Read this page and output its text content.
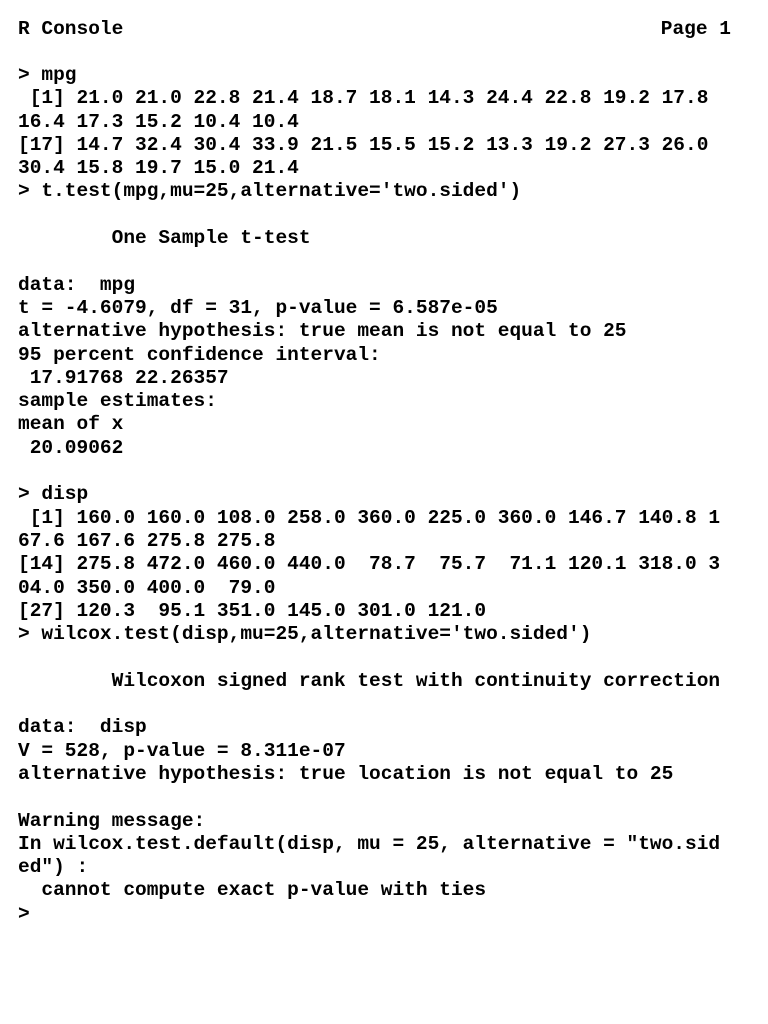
R Console

	Page 1

> mpg
[1] 21.0 21.0 22.8 21.4 18.7 18.1 14.3 24.4 22.8 19.2 17.8
16.4 17.3 15.2 10.4 10.4
[17] 14.7 32.4 30.4 33.9 21.5 15.5 15.2 13.3 19.2 27.3 26.0
30.4 15.8 19.7 15.0 21.4
> t.test(mpg,mu=25,alternative='two.sided')
One Sample t-test
data:  mpg
t = -4.6079, df = 31, p-value = 6.587e-05
alternative hypothesis: true mean is not equal to 25
95 percent confidence interval:
17.91768 22.26357
sample estimates:
mean of x
20.09062
> disp
[1] 160.0 160.0 108.0 258.0 360.0 225.0 360.0 146.7 140.8 1
67.6 167.6 275.8 275.8
[14] 275.8 472.0 460.0 440.0  78.7  75.7  71.1 120.1 318.0 3
04.0 350.0 400.0  79.0
[27] 120.3  95.1 351.0 145.0 301.0 121.0
> wilcox.test(disp,mu=25,alternative='two.sided')
Wilcoxon signed rank test with continuity correction
data:  disp
V = 528, p-value = 8.311e-07
alternative hypothesis: true location is not equal to 25
Warning message:
In wilcox.test.default(disp, mu = 25, alternative = "two.sid
ed") :
cannot compute exact p-value with ties
>
